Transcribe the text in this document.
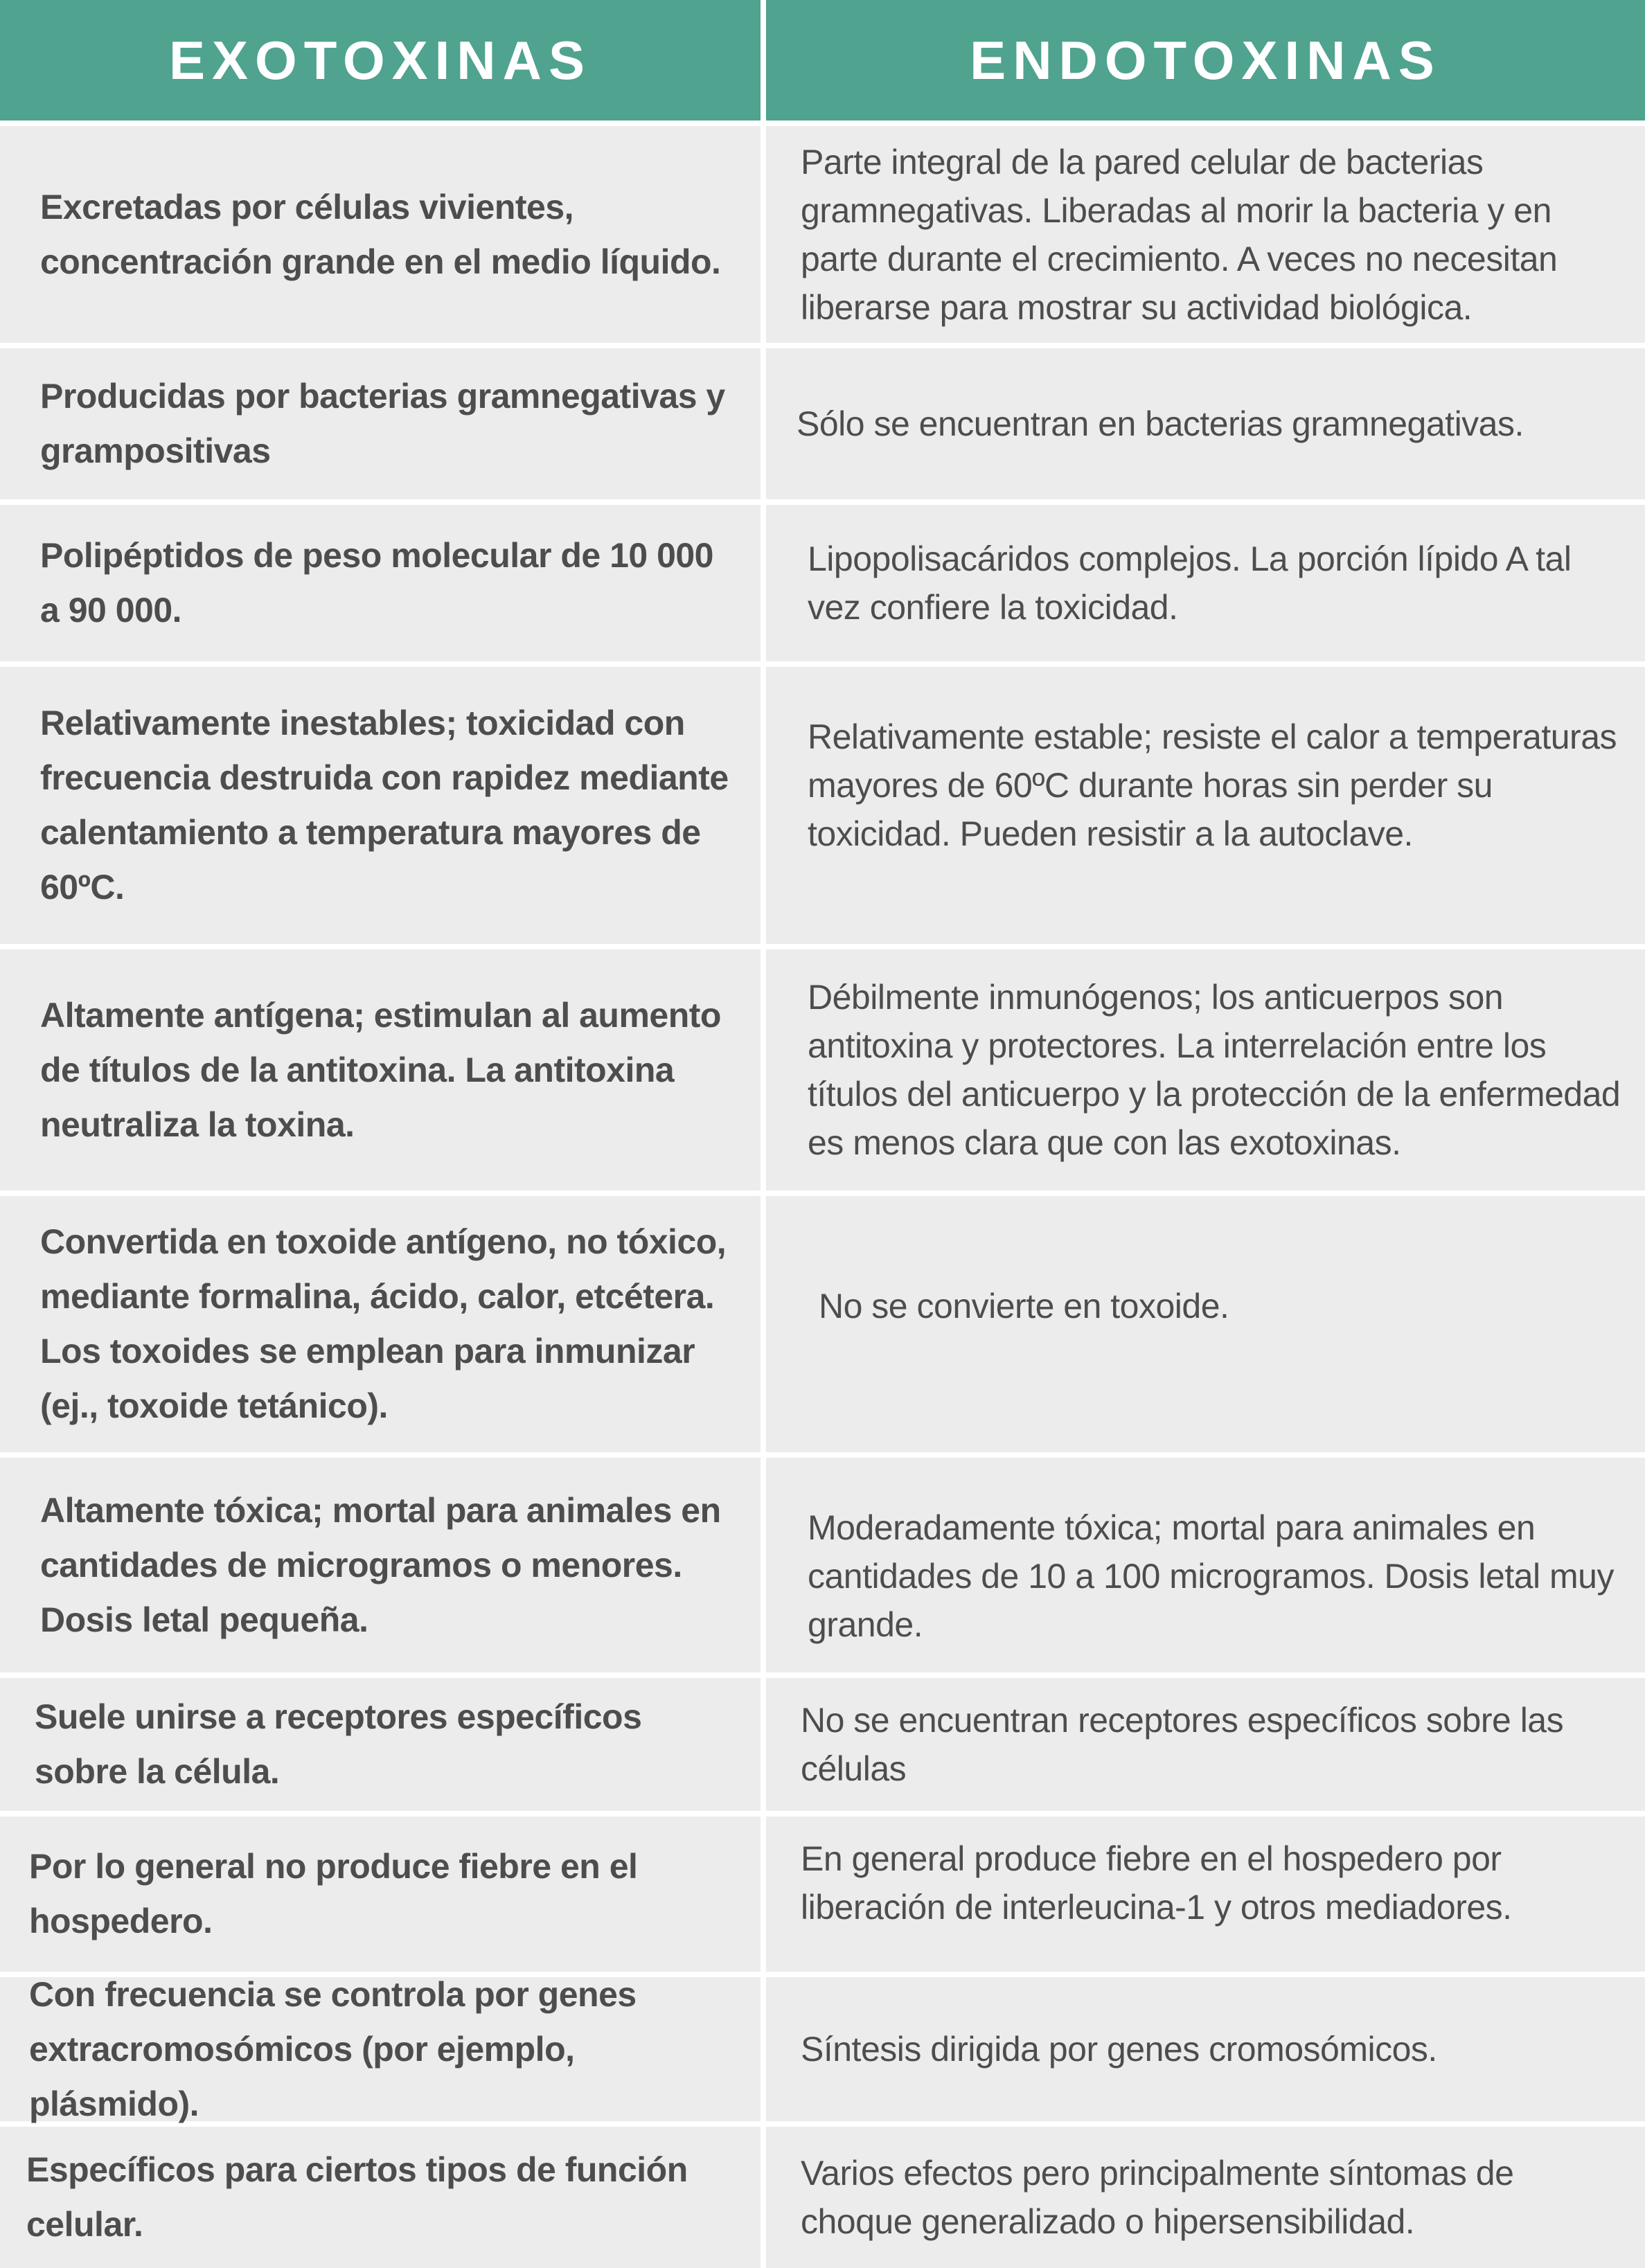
EXOTOXINAS	ENDOTOXINAS
Excretadas por células vivientes, concentración grande en el medio líquido.
Parte integral de la pared celular de bacterias gramnegativas. Liberadas al morir la bacteria y en parte durante el crecimiento. A veces no necesitan liberarse para mostrar su actividad biológica.
Producidas por bacterias gramnegativas y grampositivas
Sólo se encuentran en bacterias gramnegativas.
Polipéptidos de peso molecular de 10 000 a 90 000.
Lipopolisacáridos complejos. La porción lípido A tal vez confiere la toxicidad.
Relativamente inestables; toxicidad con frecuencia destruida con rapidez mediante calentamiento a temperatura mayores de 60ºC.
Relativamente estable; resiste el calor a temperaturas mayores de 60ºC durante horas sin perder su toxicidad. Pueden resistir a la autoclave.
Altamente antígena; estimulan al aumento de títulos de la antitoxina. La antitoxina neutraliza la toxina.
Débilmente inmunógenos; los anticuerpos son antitoxina y protectores. La interrelación entre los títulos del anticuerpo y la protección de la enfermedad es menos clara que con las exotoxinas.
Convertida en toxoide antígeno, no tóxico, mediante formalina, ácido, calor, etcétera. Los toxoides se emplean para inmunizar (ej., toxoide tetánico).
No se convierte en toxoide.
Altamente tóxica; mortal para animales en cantidades de microgramos o menores. Dosis letal pequeña.
Moderadamente tóxica; mortal para animales en cantidades de 10 a 100 microgramos. Dosis letal muy grande.
Suele unirse a receptores específicos sobre la célula.
No se encuentran receptores específicos sobre las células
Por lo general no produce fiebre en el hospedero.
En general produce fiebre en el hospedero por liberación de interleucina-1 y otros mediadores.
Con frecuencia se controla por genes extracromosómicos (por ejemplo, plásmido).
Síntesis dirigida por genes cromosómicos.
Específicos para ciertos tipos de función celular.
Varios efectos pero principalmente síntomas de choque generalizado o hipersensibilidad.
